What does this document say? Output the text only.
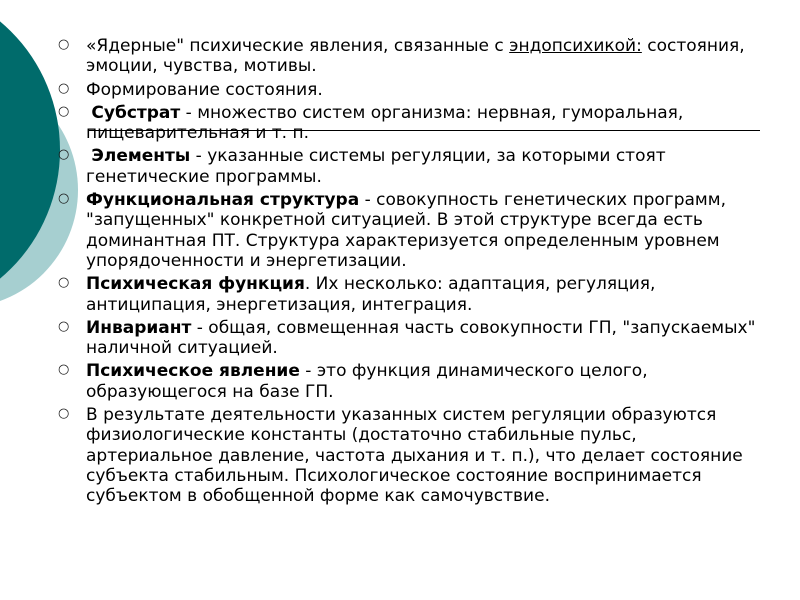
○ «Ядерные" психические явления, связанные с эндопсихикой: состояния, эмоции, чувства, мотивы.
○ Формирование состояния.
○ Субстрат - множество систем организма: нервная, гуморальная, пищеварительная и т. п.
○ Элементы - указанные системы регуляции, за которыми стоят генетические программы.
○ Функциональная структура - совокупность генетических программ, "запущенных" конкретной ситуацией. В этой структуре всегда есть доминантная ПТ. Структура характеризуется определенным уровнем упорядоченности и энергетизации.
○ Психическая функция. Их несколько: адаптация, регуляция, антиципация, энергетизация, интеграция.
○ Инвариант - общая, совмещенная часть совокупности ГП, "запускаемых" наличной ситуацией.
○ Психическое явление - это функция динамического целого, образующегося на базе ГП.
○ В результате деятельности указанных систем регуляции образуются физиологические константы (достаточно стабильные пульс, артериальное давление, частота дыхания и т. п.), что делает состояние субъекта стабильным. Психологическое состояние воспринимается субъектом в обобщенной форме как самочувствие.
